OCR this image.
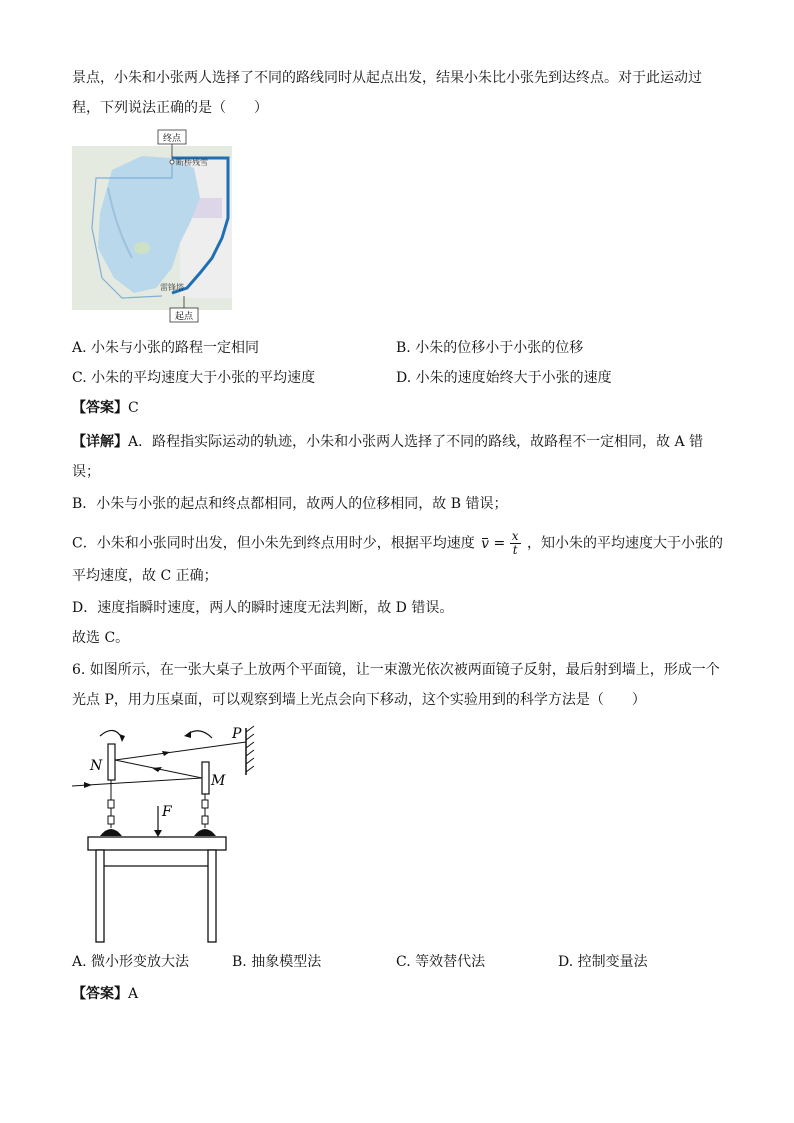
景点，小朱和小张两人选择了不同的路线同时从起点出发，结果小朱比小张先到达终点。对于此运动过
程，下列说法正确的是（　　）
终点
断桥残雪
雷锋塔
起点
A. 小朱与小张的路程一定相同	B. 小朱的位移小于小张的位移
C. 小朱的平均速度大于小张的平均速度	D. 小朱的速度始终大于小张的速度
【答案】C
【详解】A．路程指实际运动的轨迹，小朱和小张两人选择了不同的路线，故路程不一定相同，故 A 错
误；
B．小朱与小张的起点和终点都相同，故两人的位移相同，故 B 错误；
C．小朱和小张同时出发，但小朱先到终点用时少，根据平均速度 $v = \frac{x}{t}$ ，知小朱的平均速度大于小张的
平均速度，故 C 正确；
D．速度指瞬时速度，两人的瞬时速度无法判断，故 D 错误。
故选 C。
6. 如图所示，在一张大桌子上放两个平面镜，让一束激光依次被两面镜子反射，最后射到墙上，形成一个
光点 P，用力压桌面，可以观察到墙上光点会向下移动，这个实验用到的科学方法是（　　）
P
N
M
F
A. 微小形变放大法	B. 抽象模型法	C. 等效替代法	D. 控制变量法
【答案】A
